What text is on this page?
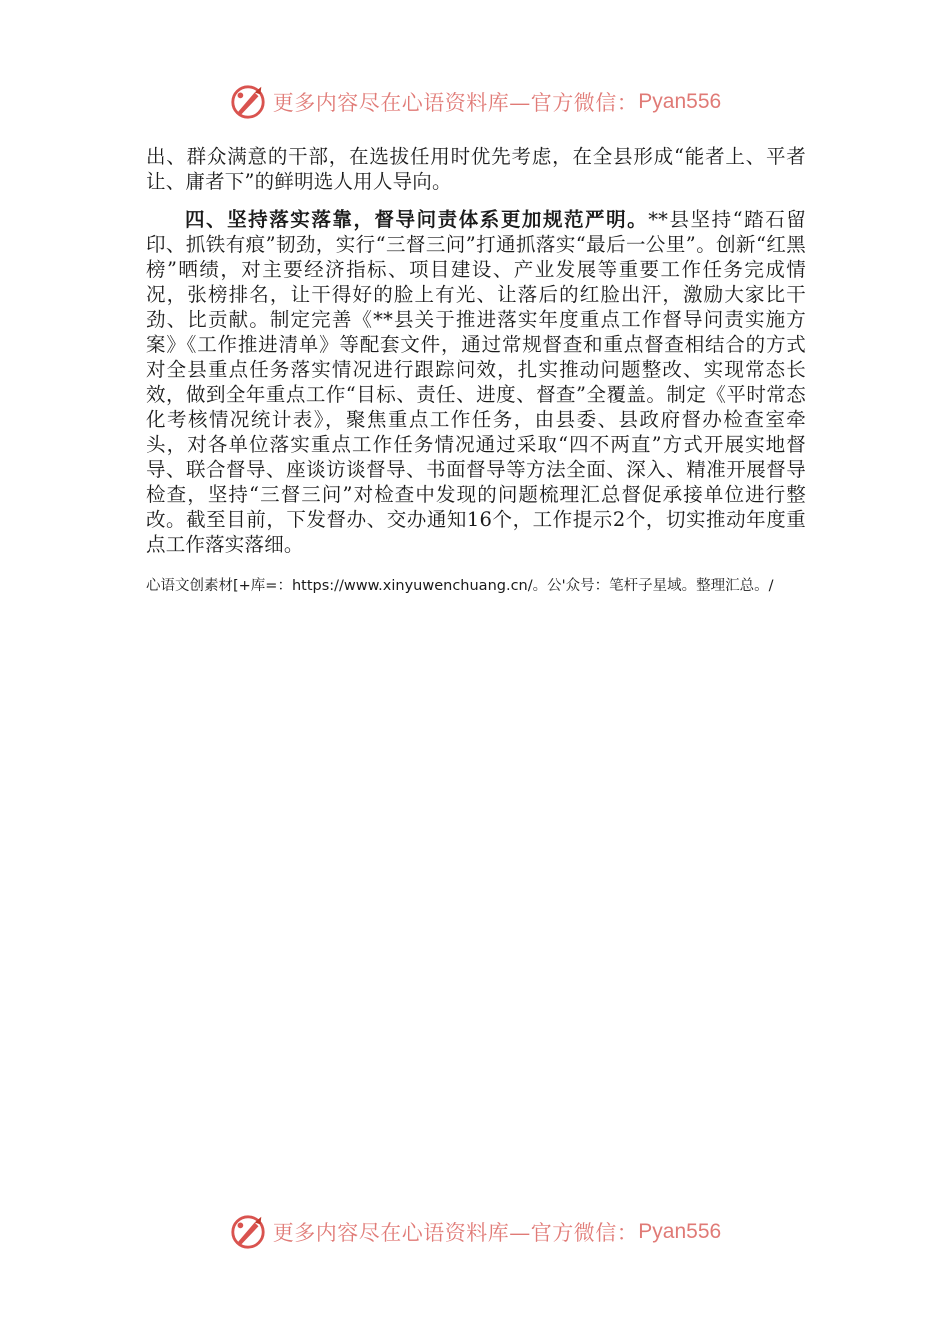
更多内容尽在心语资料库—官方微信： Pyan556

出、群众满意的干部，在选拔任用时优先考虑，在全县形成“能者上、平者让、庸者下”的鲜明选人用人导向。

四、坚持落实落靠，督导问责体系更加规范严明。**县坚持“踏石留印、抓铁有痕”韧劲，实行“三督三问”打通抓落实“最后一公里”。创新“红黑榜”晒绩，对主要经济指标、项目建设、产业发展等重要工作任务完成情况，张榜排名，让干得好的脸上有光、让落后的红脸出汗，激励大家比干劲、比贡献。制定完善《**县关于推进落实年度重点工作督导问责实施方案》《工作推进清单》等配套文件，通过常规督查和重点督查相结合的方式对全县重点任务落实情况进行跟踪问效，扎实推动问题整改、实现常态长效，做到全年重点工作“目标、责任、进度、督查”全覆盖。制定《平时常态化考核情况统计表》，聚焦重点工作任务，由县委、县政府督办检查室牵头，对各单位落实重点工作任务情况通过采取“四不两直”方式开展实地督导、联合督导、座谈访谈督导、书面督导等方法全面、深入、精准开展督导检查，坚持“三督三问”对检查中发现的问题梳理汇总督促承接单位进行整改。截至目前，下发督办、交办通知16个，工作提示2个，切实推动年度重点工作落实落细。

心语文创素材[+库=：https://www.xinyuwenchuang.cn/。公'众号：笔杆子星域。整理汇总。/

更多内容尽在心语资料库—官方微信： Pyan556
